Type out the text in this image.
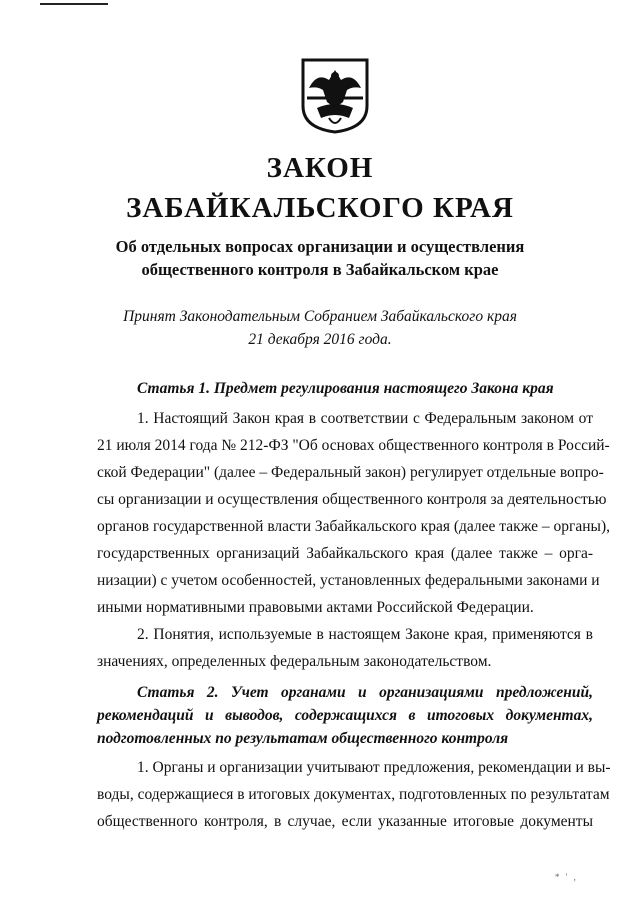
ЗАКОН
ЗАБАЙКАЛЬСКОГО КРАЯ
Об отдельных вопросах организации и осуществления
общественного контроля в Забайкальском крае
Принят Законодательным Собранием Забайкальского края
21 декабря 2016 года.
Статья 1. Предмет регулирования настоящего Закона края
1. Настоящий Закон края в соответствии с Федеральным законом от
21 июля 2014 года № 212-ФЗ "Об основах общественного контроля в Россий-
ской Федерации" (далее – Федеральный закон) регулирует отдельные вопро-
сы организации и осуществления общественного контроля за деятельностью
органов государственной власти Забайкальского края (далее также – органы),
государственных организаций Забайкальского края (далее также – орга-
низации) с учетом особенностей, установленных федеральными законами и
иными нормативными правовыми актами Российской Федерации.
2. Понятия, используемые в настоящем Законе края, применяются в
значениях, определенных федеральным законодательством.
Статья 2. Учет органами и организациями предложений,
рекомендаций и выводов, содержащихся в итоговых документах,
подготовленных по результатам общественного контроля
1. Органы и организации учитывают предложения, рекомендации и вы-
воды, содержащиеся в итоговых документах, подготовленных по результатам
общественного контроля, в случае, если указанные итоговые документы
* ' ,
